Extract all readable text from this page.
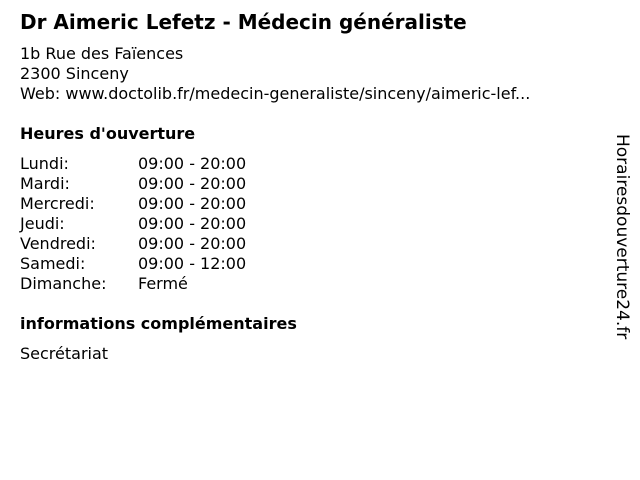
Dr Aimeric Lefetz - Médecin généraliste
1b Rue des Faïences
2300 Sinceny
Web: www.doctolib.fr/medecin-generaliste/sinceny/aimeric-lef...
Heures d'ouverture
Lundi:	09:00 - 20:00
Mardi:	09:00 - 20:00
Mercredi:	09:00 - 20:00
Jeudi:	09:00 - 20:00
Vendredi:	09:00 - 20:00
Samedi:	09:00 - 12:00
Dimanche: Fermé
informations complémentaires
Secrétariat
Horairesdouverture24.fr
